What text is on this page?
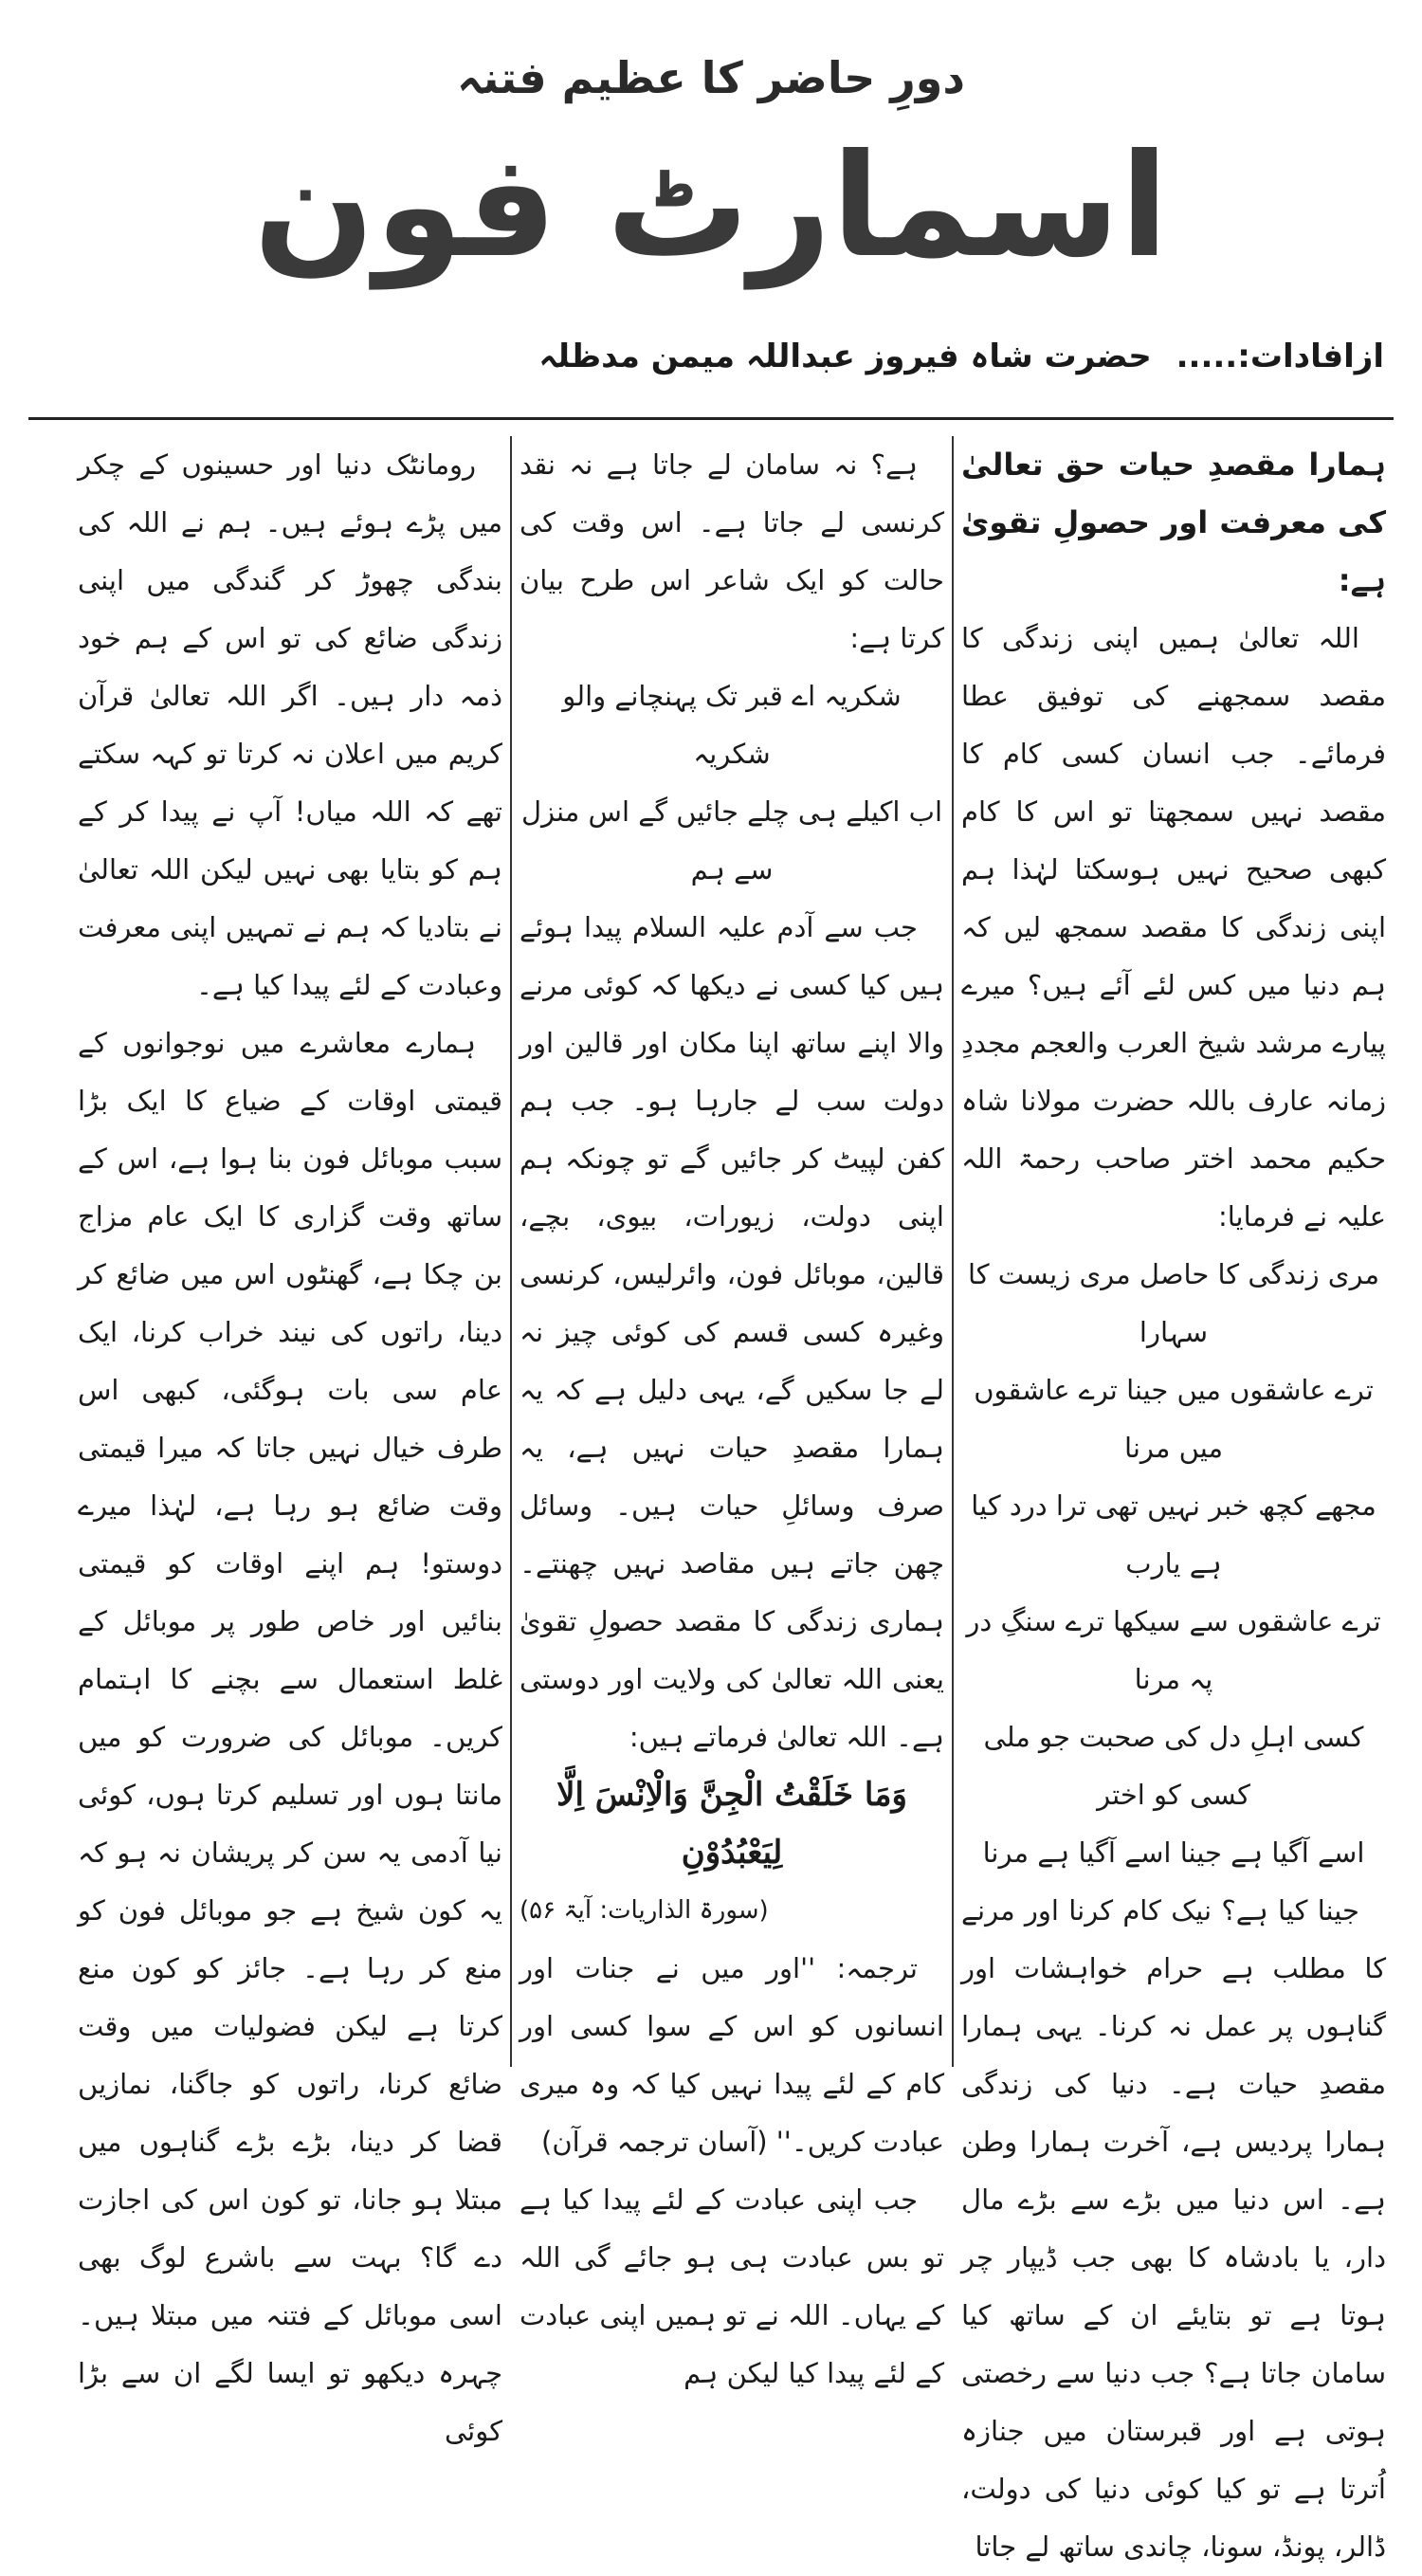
دورِ حاضر کا عظیم فتنہ
اسمارٹ فون
ازافادات:..... حضرت شاہ فیروز عبداللہ میمن مدظلہ

ہمارا مقصدِ حیات حق تعالیٰ کی معرفت اور حصولِ تقویٰ ہے:

اللہ تعالیٰ ہمیں اپنی زندگی کا مقصد سمجھنے کی توفیق عطا فرمائے۔ جب انسان کسی کام کا مقصد نہیں سمجھتا تو اس کا کام کبھی صحیح نہیں ہوسکتا لہٰذا ہم اپنی زندگی کا مقصد سمجھ لیں کہ ہم دنیا میں کس لئے آئے ہیں؟ میرے پیارے مرشد شیخ العرب والعجم مجددِ زمانہ عارف باللہ حضرت مولانا شاہ حکیم محمد اختر صاحب رحمۃ اللہ علیہ نے فرمایا:

مری زندگی کا حاصل مری زیست کا سہارا

ترے عاشقوں میں جینا ترے عاشقوں میں مرنا

مجھے کچھ خبر نہیں تھی ترا درد کیا ہے یارب

ترے عاشقوں سے سیکھا ترے سنگِ در پہ مرنا

کسی اہلِ دل کی صحبت جو ملی کسی کو اختر

اسے آگیا ہے جینا اسے آگیا ہے مرنا

جینا کیا ہے؟ نیک کام کرنا اور مرنے کا مطلب ہے حرام خواہشات اور گناہوں پر عمل نہ کرنا۔ یہی ہمارا مقصدِ حیات ہے۔ دنیا کی زندگی ہمارا پردیس ہے، آخرت ہمارا وطن ہے۔ اس دنیا میں بڑے سے بڑے مال دار، یا بادشاہ کا بھی جب ڈیپار چر ہوتا ہے تو بتایئے ان کے ساتھ کیا سامان جاتا ہے؟ جب دنیا سے رخصتی ہوتی ہے اور قبرستان میں جنازہ اُترتا ہے تو کیا کوئی دنیا کی دولت، ڈالر، پونڈ، سونا، چاندی ساتھ لے جاتا

ہے؟ نہ سامان لے جاتا ہے نہ نقد کرنسی لے جاتا ہے۔ اس وقت کی حالت کو ایک شاعر اس طرح بیان کرتا ہے:

شکریہ اے قبر تک پہنچانے والو شکریہ

اب اکیلے ہی چلے جائیں گے اس منزل سے ہم

جب سے آدم علیہ السلام پیدا ہوئے ہیں کیا کسی نے دیکھا کہ کوئی مرنے والا اپنے ساتھ اپنا مکان اور قالین اور دولت سب لے جارہا ہو۔ جب ہم کفن لپیٹ کر جائیں گے تو چونکہ ہم اپنی دولت، زیورات، بیوی، بچے، قالین، موبائل فون، وائرلیس، کرنسی وغیرہ کسی قسم کی کوئی چیز نہ لے جا سکیں گے، یہی دلیل ہے کہ یہ ہمارا مقصدِ حیات نہیں ہے، یہ صرف وسائلِ حیات ہیں۔ وسائل چھن جاتے ہیں مقاصد نہیں چھنتے۔ ہماری زندگی کا مقصد حصولِ تقویٰ یعنی اللہ تعالیٰ کی ولایت اور دوستی ہے۔ اللہ تعالیٰ فرماتے ہیں:

وَمَا خَلَقْتُ الْجِنَّ وَالْاِنْسَ اِلَّا لِيَعْبُدُوْنِ

(سورۃ الذاریات: آیۃ ۵۶)

ترجمہ: ''اور میں نے جنات اور انسانوں کو اس کے سوا کسی اور کام کے لئے پیدا نہیں کیا کہ وہ میری عبادت کریں۔'' (آسان ترجمہ قرآن)

جب اپنی عبادت کے لئے پیدا کیا ہے تو بس عبادت ہی ہو جائے گی اللہ کے یہاں۔ اللہ نے تو ہمیں اپنی عبادت کے لئے پیدا کیا لیکن ہم

رومانٹک دنیا اور حسینوں کے چکر میں پڑے ہوئے ہیں۔ ہم نے اللہ کی بندگی چھوڑ کر گندگی میں اپنی زندگی ضائع کی تو اس کے ہم خود ذمہ دار ہیں۔ اگر اللہ تعالیٰ قرآن کریم میں اعلان نہ کرتا تو کہہ سکتے تھے کہ اللہ میاں! آپ نے پیدا کر کے ہم کو بتایا بھی نہیں لیکن اللہ تعالیٰ نے بتادیا کہ ہم نے تمہیں اپنی معرفت وعبادت کے لئے پیدا کیا ہے۔

ہمارے معاشرے میں نوجوانوں کے قیمتی اوقات کے ضیاع کا ایک بڑا سبب موبائل فون بنا ہوا ہے، اس کے ساتھ وقت گزاری کا ایک عام مزاج بن چکا ہے، گھنٹوں اس میں ضائع کر دینا، راتوں کی نیند خراب کرنا، ایک عام سی بات ہوگئی، کبھی اس طرف خیال نہیں جاتا کہ میرا قیمتی وقت ضائع ہو رہا ہے، لہٰذا میرے دوستو! ہم اپنے اوقات کو قیمتی بنائیں اور خاص طور پر موبائل کے غلط استعمال سے بچنے کا اہتمام کریں۔ موبائل کی ضرورت کو میں مانتا ہوں اور تسلیم کرتا ہوں، کوئی نیا آدمی یہ سن کر پریشان نہ ہو کہ یہ کون شیخ ہے جو موبائل فون کو منع کر رہا ہے۔ جائز کو کون منع کرتا ہے لیکن فضولیات میں وقت ضائع کرنا، راتوں کو جاگنا، نمازیں قضا کر دینا، بڑے بڑے گناہوں میں مبتلا ہو جانا، تو کون اس کی اجازت دے گا؟ بہت سے باشرع لوگ بھی اسی موبائل کے فتنہ میں مبتلا ہیں۔ چہرہ دیکھو تو ایسا لگے ان سے بڑا کوئی
